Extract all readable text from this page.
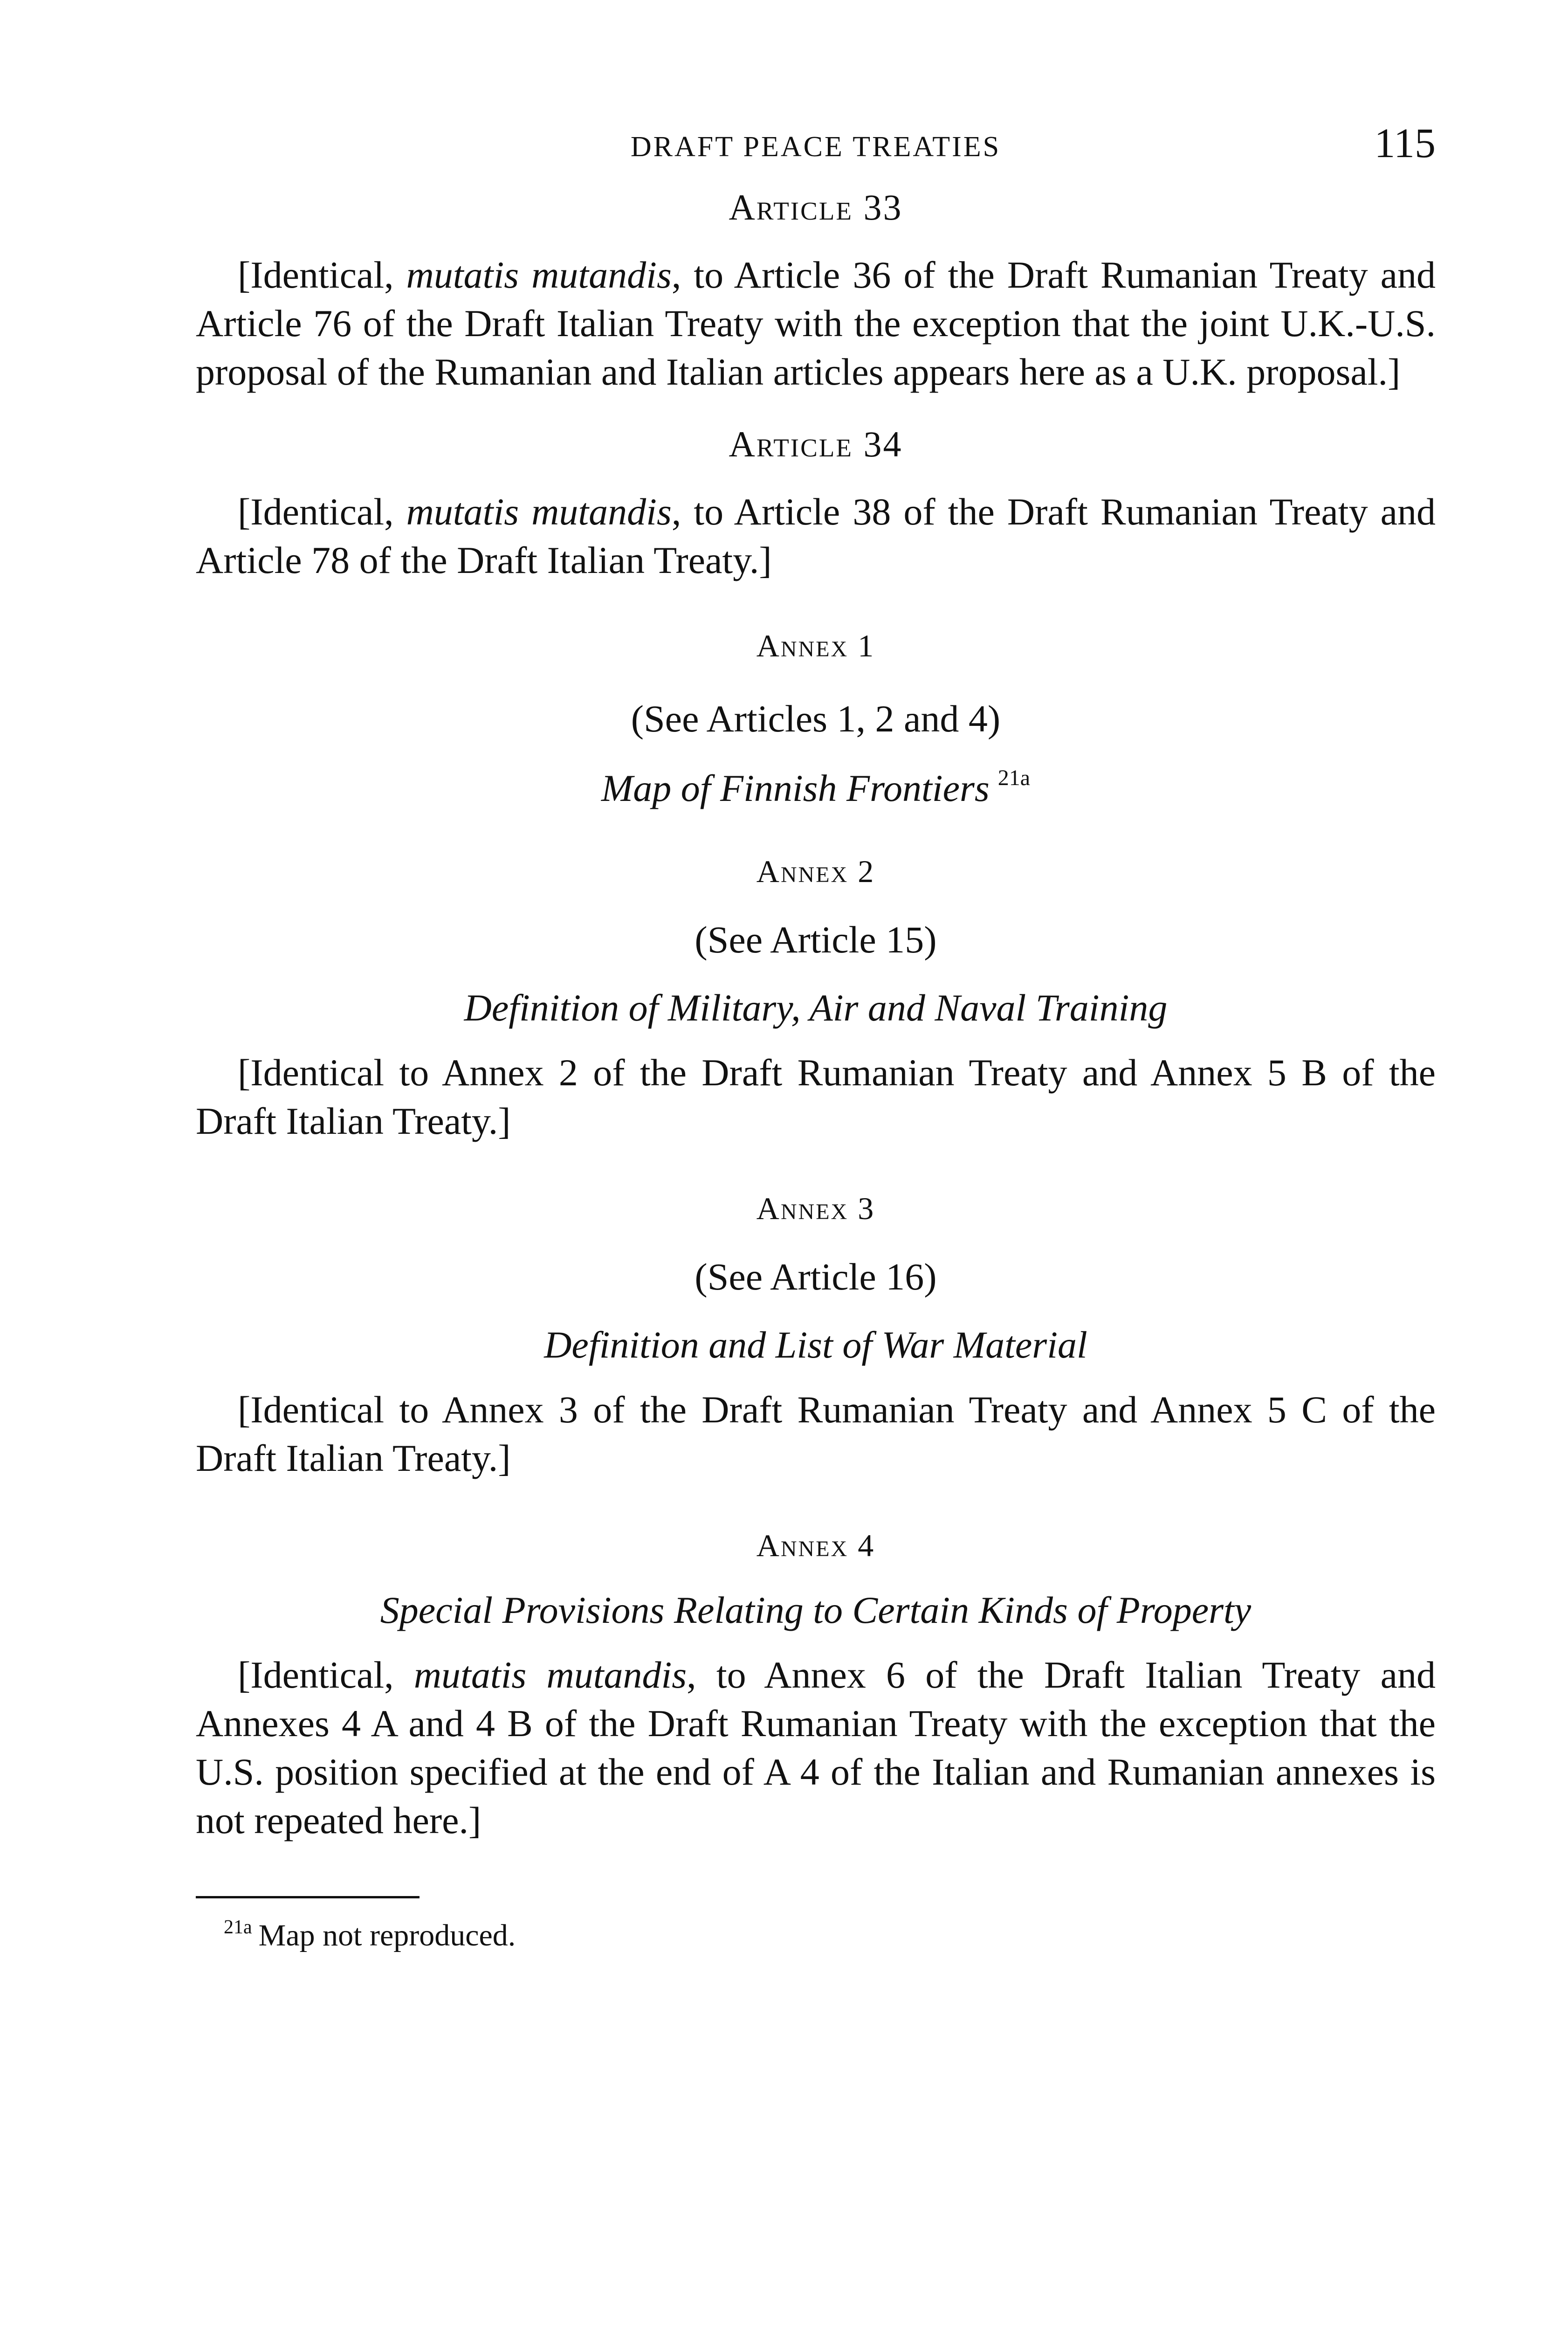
DRAFT PEACE TREATIES	115
Article 33

[Identical, mutatis mutandis, to Article 36 of the Draft Rumanian Treaty and Article 76 of the Draft Italian Treaty with the exception that the joint U.K.-U.S. proposal of the Rumanian and Italian articles appears here as a U.K. proposal.]

Article 34

[Identical, mutatis mutandis, to Article 38 of the Draft Rumanian Treaty and Article 78 of the Draft Italian Treaty.]

Annex 1
(See Articles 1, 2 and 4)
Map of Finnish Frontiers $^{21a}$
Annex 2
(See Article 15)
Definition of Military, Air and Naval Training

[Identical to Annex 2 of the Draft Rumanian Treaty and Annex 5 B of the Draft Italian Treaty.]

Annex 3
(See Article 16)
Definition and List of War Material

[Identical to Annex 3 of the Draft Rumanian Treaty and Annex 5 C of the Draft Italian Treaty.]

Annex 4
Special Provisions Relating to Certain Kinds of Property

[Identical, mutatis mutandis, to Annex 6 of the Draft Italian Treaty and Annexes 4 A and 4 B of the Draft Rumanian Treaty with the exception that the U.S. position specified at the end of A 4 of the Italian and Rumanian annexes is not repeated here.]

$^{21a}$ Map not reproduced.
